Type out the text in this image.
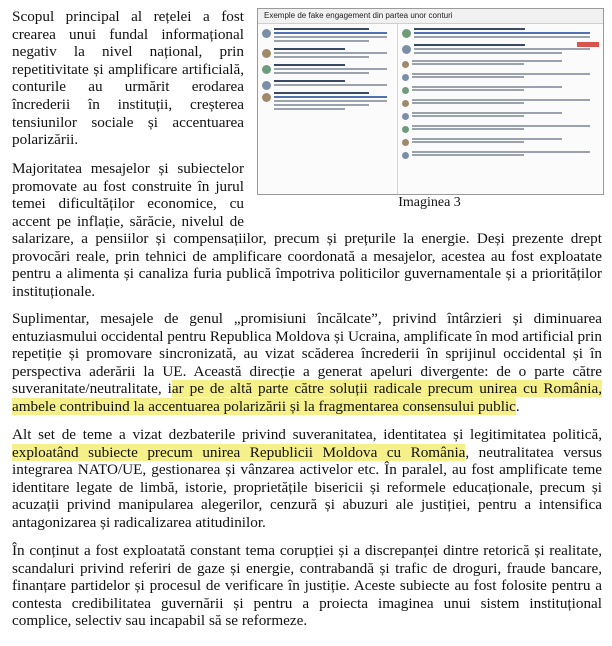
Scopul principal al rețelei a fost crearea unui fundal informațional negativ la nivel național, prin repetitivitate și amplificare artificială, conturile au urmărit erodarea încrederii în instituții, creșterea tensiunilor sociale și accentuarea polarizării.

Majoritatea mesajelor și subiectelor
promovate au fost construite în jurul
temei dificultăților economice, cu
accent pe inflație, sărăcie, nivelul de

salarizare, a pensiilor și compensațiilor, precum și prețurile la energie. Deși prezente drept provocări reale, prin tehnici de amplificare coordonată a mesajelor, acestea au fost exploatate pentru a alimenta și canaliza furia publică împotriva politicilor guvernamentale și a priorităților instituționale.

Suplimentar, mesajele de genul „promisiuni încălcate”, privind întârzieri și diminuarea entuziasmului occidental pentru Republica Moldova și Ucraina, amplificate în mod artificial prin repetiție și promovare sincronizată, au vizat scăderea încrederii în sprijinul occidental și în perspectiva aderării la UE. Această direcție a generat apeluri divergente: de o parte către suveranitate/neutralitate, iar pe de altă parte către soluții radicale precum unirea cu România, ambele contribuind la accentuarea polarizării și la fragmentarea consensului public.

Alt set de teme a vizat dezbaterile privind suveranitatea, identitatea și legitimitatea politică, exploatând subiecte precum unirea Republicii Moldova cu România, neutralitatea versus integrarea NATO/UE, gestionarea și vânzarea activelor etc. În paralel, au fost amplificate teme identitare legate de limbă, istorie, proprietățile bisericii și reformele educaționale, precum și acuzații privind manipularea alegerilor, cenzură și abuzuri ale justiției, pentru a intensifica antagonizarea și radicalizarea atitudinilor.

În conținut a fost exploatată constant tema corupției și a discrepanței dintre retorică și realitate, scandaluri privind referiri de gaze și energie, contrabandă și trafic de droguri, fraude bancare, finanțare partidelor și procesul de verificare în justiție. Aceste subiecte au fost folosite pentru a contesta credibilitatea guvernării și pentru a proiecta imaginea unui sistem instituțional complice, selectiv sau incapabil să se reformeze.

Exemple de fake engagement din partea unor conturi
Imaginea 3
